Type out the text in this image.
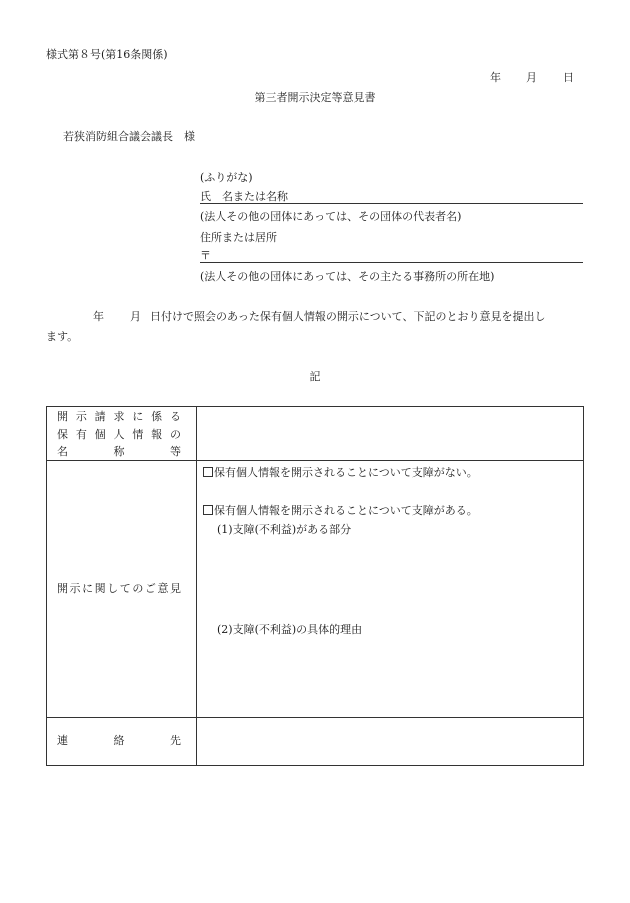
様式第８号(第16条関係)
年 月 日
第三者開示決定等意見書
若狭消防組合議会議長　様
(ふりがな)
氏　名または名称
(法人その他の団体にあっては、その団体の代表者名)
住所または居所
〒
(法人その他の団体にあっては、その主たる事務所の所在地)
年 月 日付けで照会のあった保有個人情報の開示について、下記のとおり意見を提出し
ます。
記
開示請求に係る
保有個人情報の
名称等	

開示に関してのご意見	保有個人情報を開示されることについて支障がない。
保有個人情報を開示されることについて支障がある。
(1)支障(不利益)がある部分
(2)支障(不利益)の具体的理由

連絡先	
